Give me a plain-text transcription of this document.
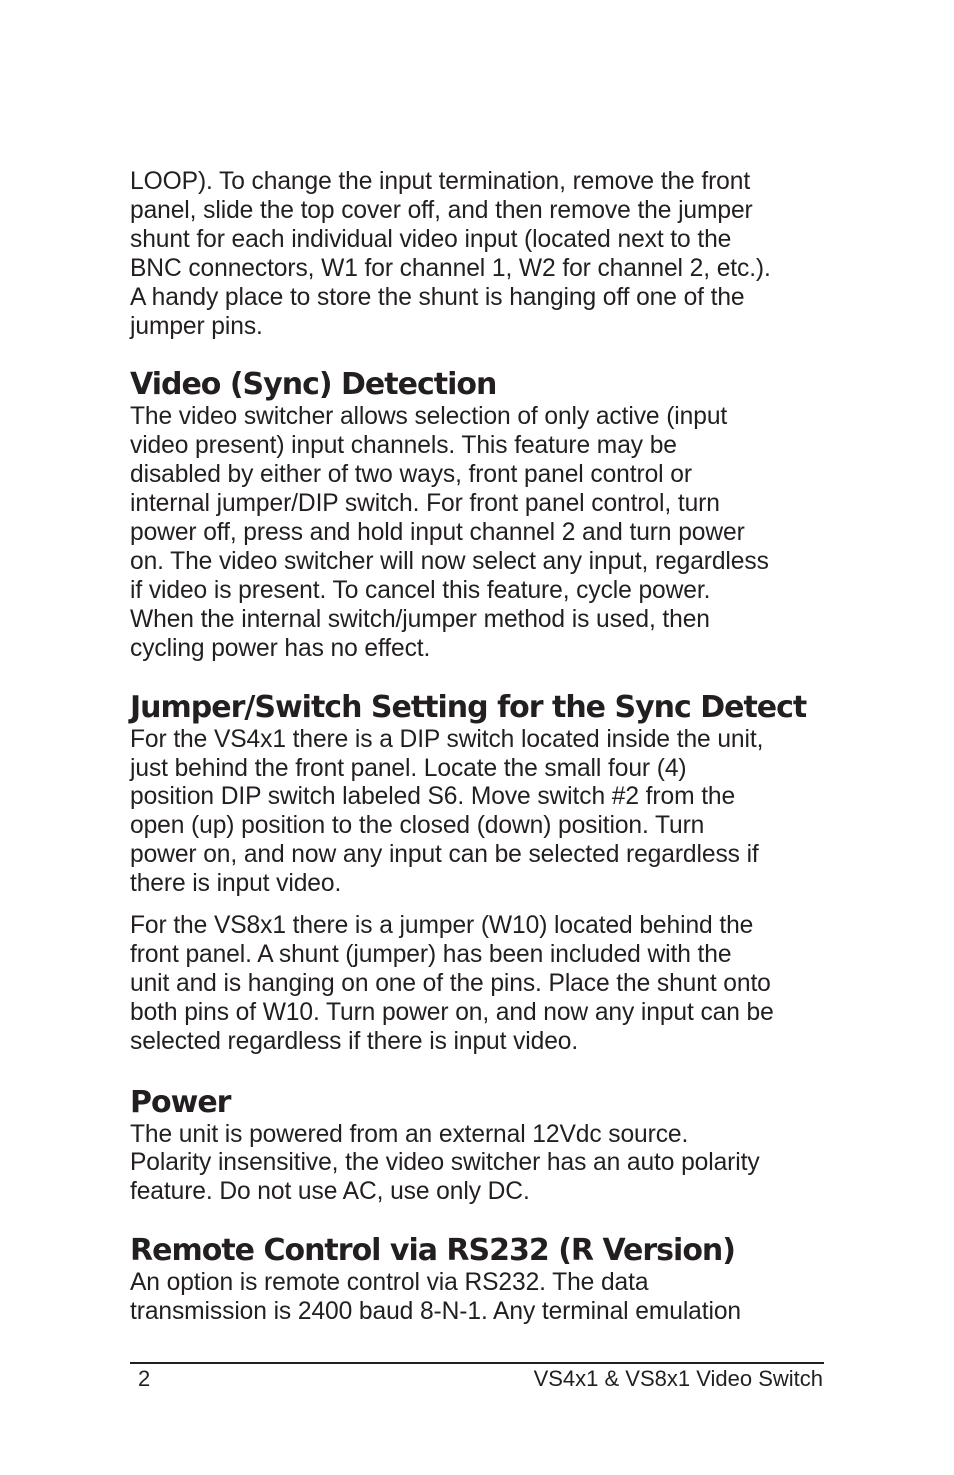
LOOP). To change the input termination, remove the front
panel, slide the top cover off, and then remove the jumper
shunt for each individual video input (located next to the
BNC connectors, W1 for channel 1, W2 for channel 2, etc.).
A handy place to store the shunt is hanging off one of the
jumper pins.

Video (Sync) Detection

The video switcher allows selection of only active (input
video present) input channels. This feature may be
disabled by either of two ways, front panel control or
internal jumper/DIP switch. For front panel control, turn
power off, press and hold input channel 2 and turn power
on. The video switcher will now select any input, regardless
if video is present. To cancel this feature, cycle power.
When the internal switch/jumper method is used, then
cycling power has no effect.

Jumper/Switch Setting for the Sync Detect

For the VS4x1 there is a DIP switch located inside the unit,
just behind the front panel. Locate the small four (4)
position DIP switch labeled S6. Move switch #2 from the
open (up) position to the closed (down) position. Turn
power on, and now any input can be selected regardless if
there is input video.

For the VS8x1 there is a jumper (W10) located behind the
front panel. A shunt (jumper) has been included with the
unit and is hanging on one of the pins. Place the shunt onto
both pins of W10. Turn power on, and now any input can be
selected regardless if there is input video.

Power

The unit is powered from an external 12Vdc source.
Polarity insensitive, the video switcher has an auto polarity
feature. Do not use AC, use only DC.

Remote Control via RS232 (R Version)

An option is remote control via RS232. The data
transmission is 2400 baud 8-N-1. Any terminal emulation

2	VS4x1 & VS8x1 Video Switch
